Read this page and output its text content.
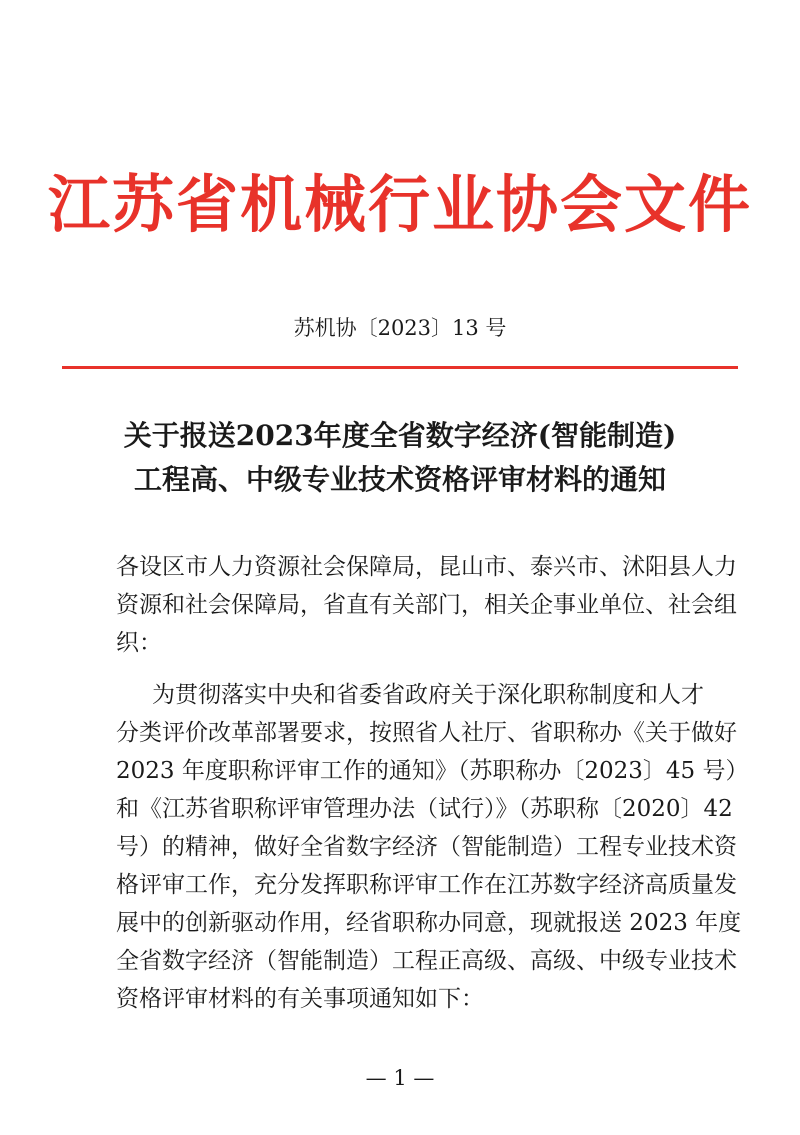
江苏省机械行业协会文件
苏机协〔2023〕13 号
关于报送2023年度全省数字经济(智能制造)
工程高、中级专业技术资格评审材料的通知
各设区市人力资源社会保障局，昆山市、泰兴市、沭阳县人力
资源和社会保障局，省直有关部门，相关企事业单位、社会组
织：
为贯彻落实中央和省委省政府关于深化职称制度和人才
分类评价改革部署要求，按照省人社厅、省职称办《关于做好
2023 年度职称评审工作的通知》（苏职称办〔2023〕45 号）
和《江苏省职称评审管理办法（试行）》（苏职称〔2020〕42
号）的精神，做好全省数字经济（智能制造）工程专业技术资
格评审工作，充分发挥职称评审工作在江苏数字经济高质量发
展中的创新驱动作用，经省职称办同意，现就报送 2023 年度
全省数字经济（智能制造）工程正高级、高级、中级专业技术
资格评审材料的有关事项通知如下：
— 1 —
